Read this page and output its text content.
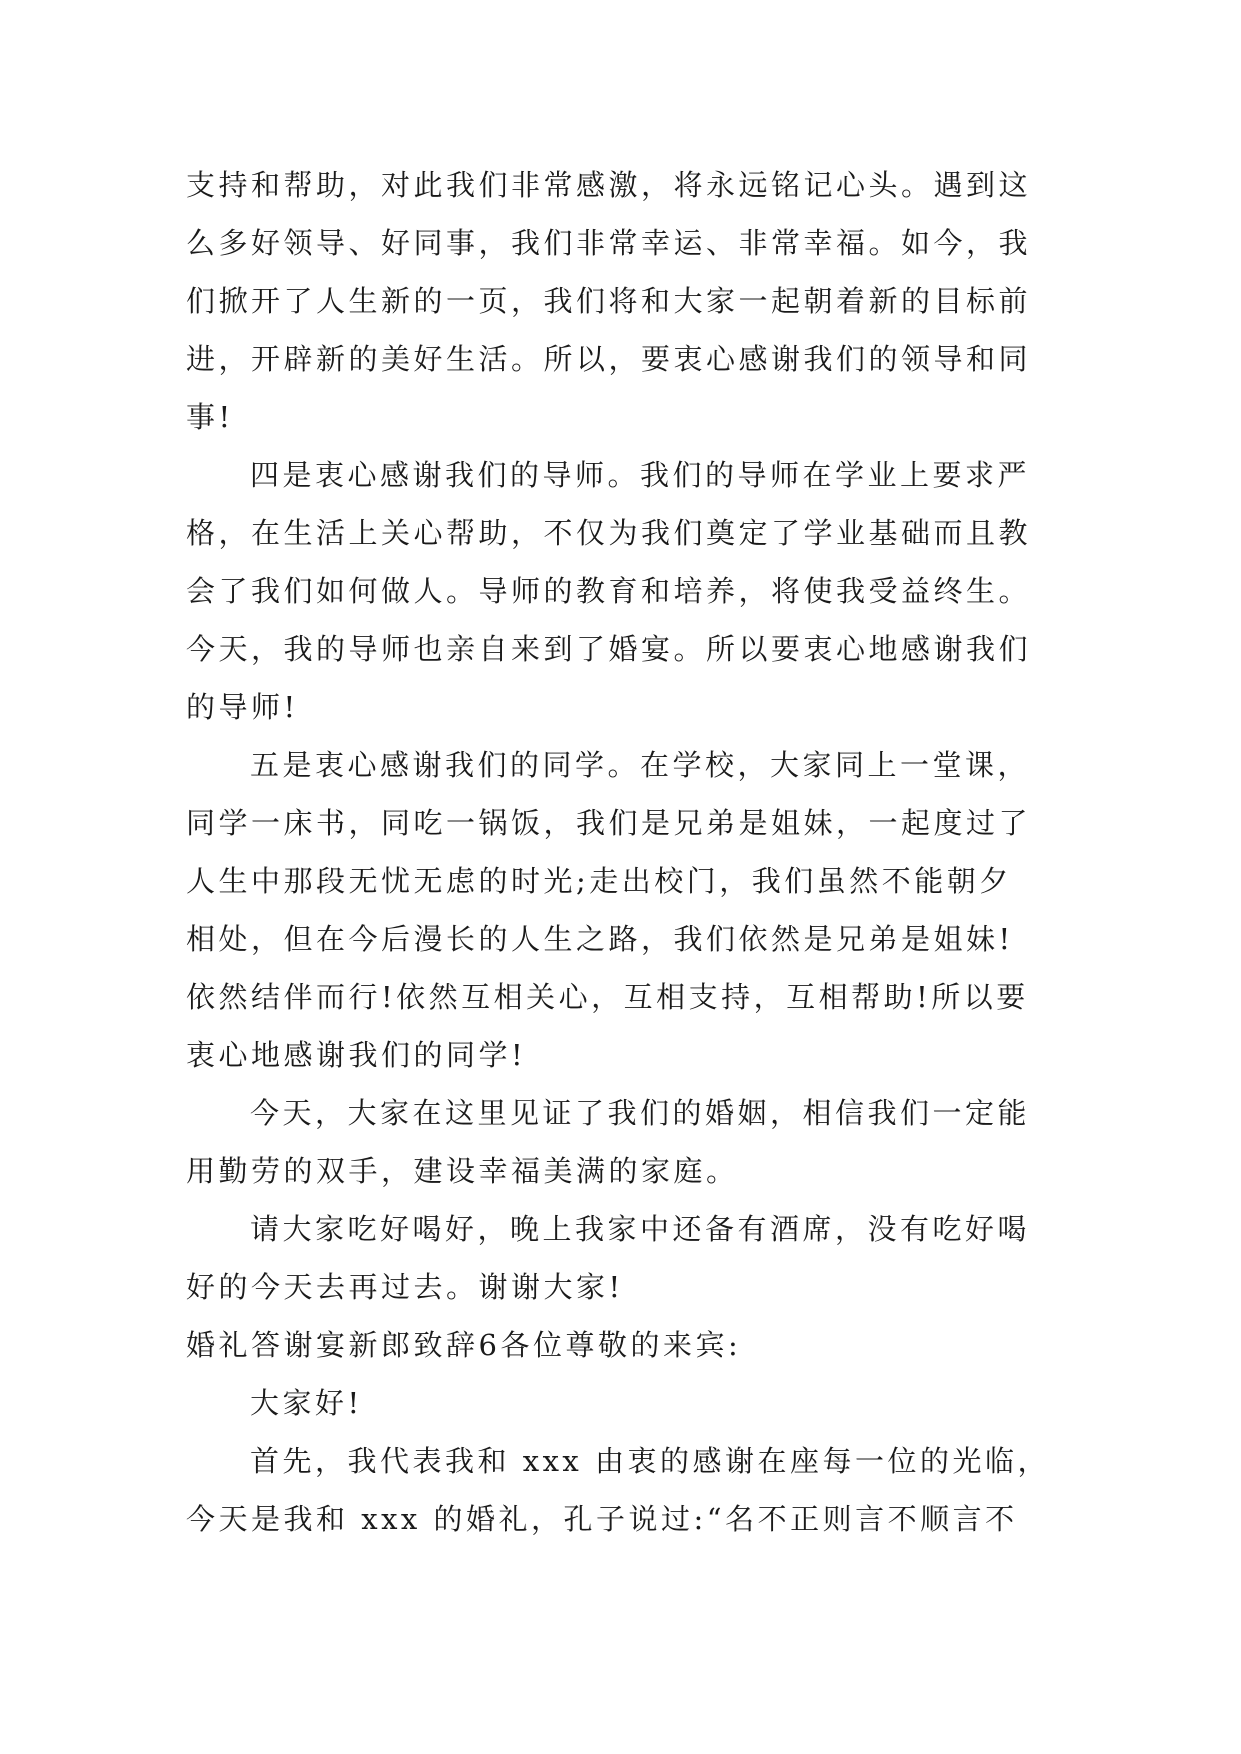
支持和帮助，对此我们非常感激，将永远铭记心头。遇到这
么多好领导、好同事，我们非常幸运、非常幸福。如今，我
们掀开了人生新的一页，我们将和大家一起朝着新的目标前
进，开辟新的美好生活。所以，要衷心感谢我们的领导和同
事!
四是衷心感谢我们的导师。我们的导师在学业上要求严
格，在生活上关心帮助，不仅为我们奠定了学业基础而且教
会了我们如何做人。导师的教育和培养，将使我受益终生。
今天，我的导师也亲自来到了婚宴。所以要衷心地感谢我们
的导师!
五是衷心感谢我们的同学。在学校，大家同上一堂课，
同学一床书，同吃一锅饭，我们是兄弟是姐妹，一起度过了
人生中那段无忧无虑的时光;走出校门，我们虽然不能朝夕
相处，但在今后漫长的人生之路，我们依然是兄弟是姐妹!
依然结伴而行!依然互相关心，互相支持，互相帮助!所以要
衷心地感谢我们的同学!
今天，大家在这里见证了我们的婚姻，相信我们一定能
用勤劳的双手，建设幸福美满的家庭。
请大家吃好喝好，晚上我家中还备有酒席，没有吃好喝
好的今天去再过去。谢谢大家!
婚礼答谢宴新郎致辞6各位尊敬的来宾:
大家好!
首先，我代表我和 xxx 由衷的感谢在座每一位的光临，
今天是我和 xxx 的婚礼，孔子说过:“名不正则言不顺言不
